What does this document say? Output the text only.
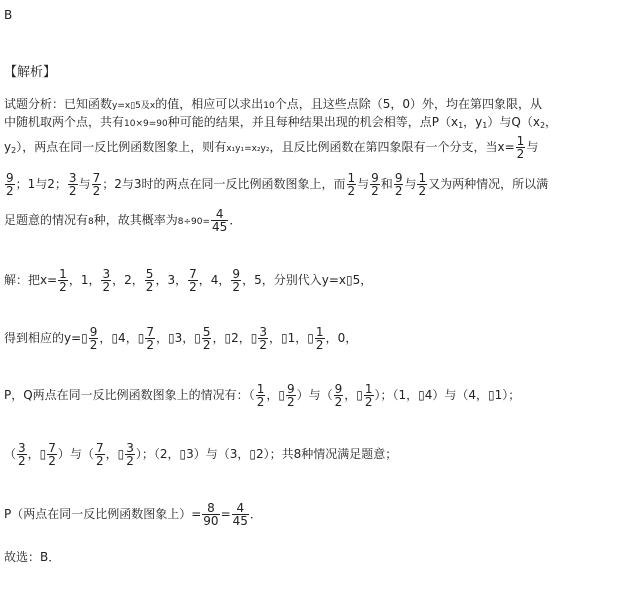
B
【解析】
试题分析：已知函数y=x▯5及x的值，相应可以求出10个点，且这些点除（5，0）外，均在第四象限，从
中随机取两个点，共有10×9=90种可能的结果，并且每种结果出现的机会相等，点$P(x_1$，$y_1$）与$Q(x_2$，
$y_2$），两点在同一反比例函数图象上，则有x₁y₁=x₂y₂，且反比例函数在第四象限有一个分支，当$x= \frac{1}{2}$ 与
$\frac{9}{2}$ ；1与2； $\frac{3}{2}$ 与 $\frac{7}{2}$ ；2与3时的两点在同一反比例函数图象上，而 $\frac{1}{2}$ 与 $\frac{9}{2}$ 和 $\frac{9}{2}$ 与 $\frac{1}{2}$ 又为两种情况，所以满
足题意的情况有8种，故其概率为$8\div 90= \frac{4}{45}$ ．
解：把$x= \frac{1}{2}$ ，1， $\frac{3}{2}$ ，2， $\frac{5}{2}$ ，3， $\frac{7}{2}$ ，4， $\frac{9}{2}$ ，5，分别代入y=x▯5，
得到相应的y=▯ $\frac{9}{2}$ ，▯4，▯ $\frac{7}{2}$ ，▯3，▯ $\frac{5}{2}$ ，▯2，▯ $\frac{3}{2}$ ，▯1，▯ $\frac{1}{2}$ ，0，
P，Q两点在同一反比例函数图象上的情况有：（ $\frac{1}{2}$ ，▯ $\frac{9}{2}$ ）与（ $\frac{9}{2}$ ，▯ $\frac{1}{2}$ ）；（1，▯4）与（4，▯1）；
（ $\frac{3}{2}$ ，▯ $\frac{7}{2}$ ）与（ $\frac{7}{2}$ ，▯ $\frac{3}{2}$ ）；（2，▯3）与（3，▯2）；共8种情况满足题意；
P（两点在同一反比例函数图象上）= $\frac{8}{90} = \frac{4}{45}$ ．
故选：B．
